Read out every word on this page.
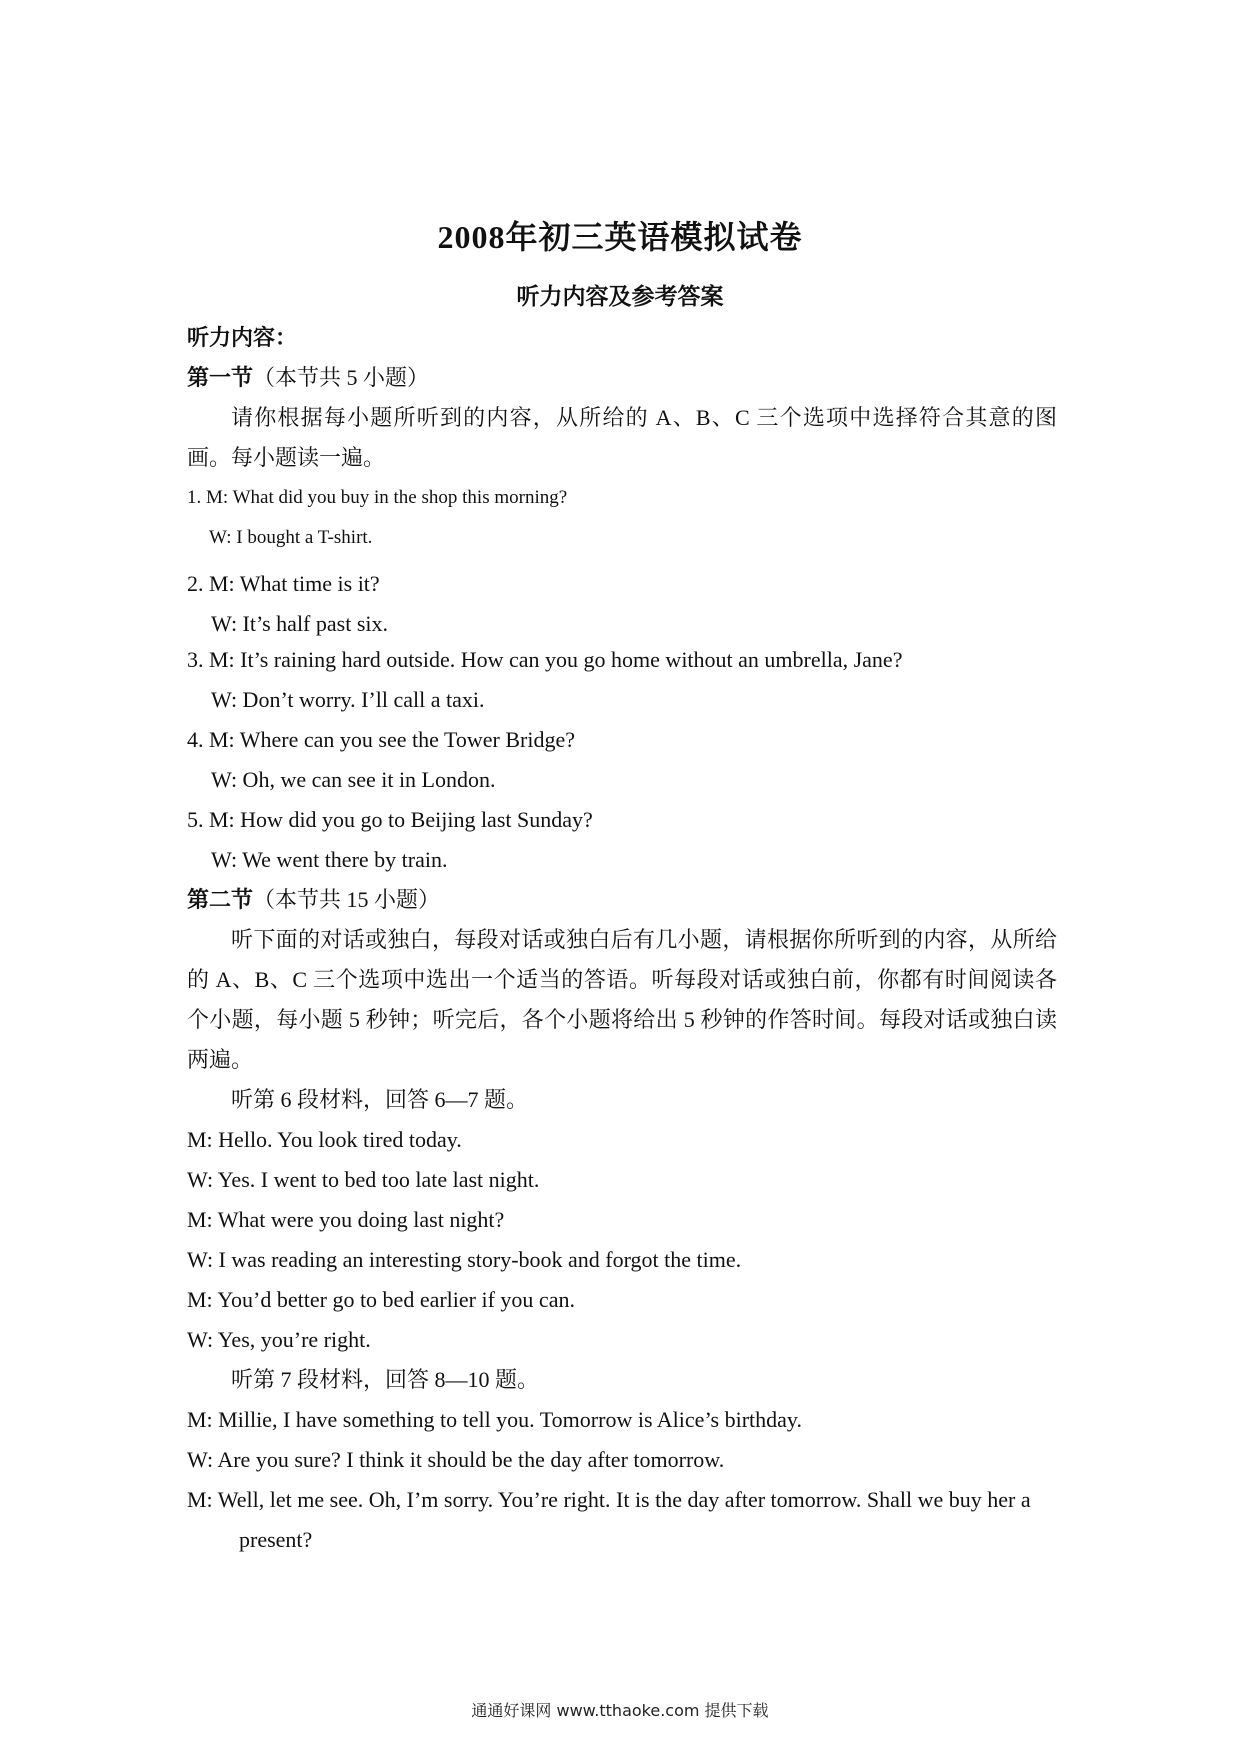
2008年初三英语模拟试卷
听力内容及参考答案
听力内容：
第一节（本节共 5 小题）
请你根据每小题所听到的内容，从所给的 A、B、C 三个选项中选择符合其意的图画。每小题读一遍。
1. M: What did you buy in the shop this morning?
W: I bought a T-shirt.
2. M: What time is it?
W: It’s half past six.
3. M: It’s raining hard outside. How can you go home without an umbrella, Jane?
W: Don’t worry. I’ll call a taxi.
4. M: Where can you see the Tower Bridge?
W: Oh, we can see it in London.
5. M: How did you go to Beijing last Sunday?
W: We went there by train.
第二节（本节共 15 小题）
听下面的对话或独白，每段对话或独白后有几小题，请根据你所听到的内容，从所给的 A、B、C 三个选项中选出一个适当的答语。听每段对话或独白前，你都有时间阅读各个小题，每小题 5 秒钟；听完后，各个小题将给出 5 秒钟的作答时间。每段对话或独白读两遍。
听第 6 段材料，回答 6—7 题。
M: Hello. You look tired today.
W: Yes. I went to bed too late last night.
M: What were you doing last night?
W: I was reading an interesting story-book and forgot the time.
M: You’d better go to bed earlier if you can.
W: Yes, you’re right.
听第 7 段材料，回答 8—10 题。
M: Millie, I have something to tell you. Tomorrow is Alice’s birthday.
W: Are you sure? I think it should be the day after tomorrow.
M: Well, let me see. Oh, I’m sorry. You’re right. It is the day after tomorrow. Shall we buy her a present?
通通好课网 www.tthaoke.com 提供下载
